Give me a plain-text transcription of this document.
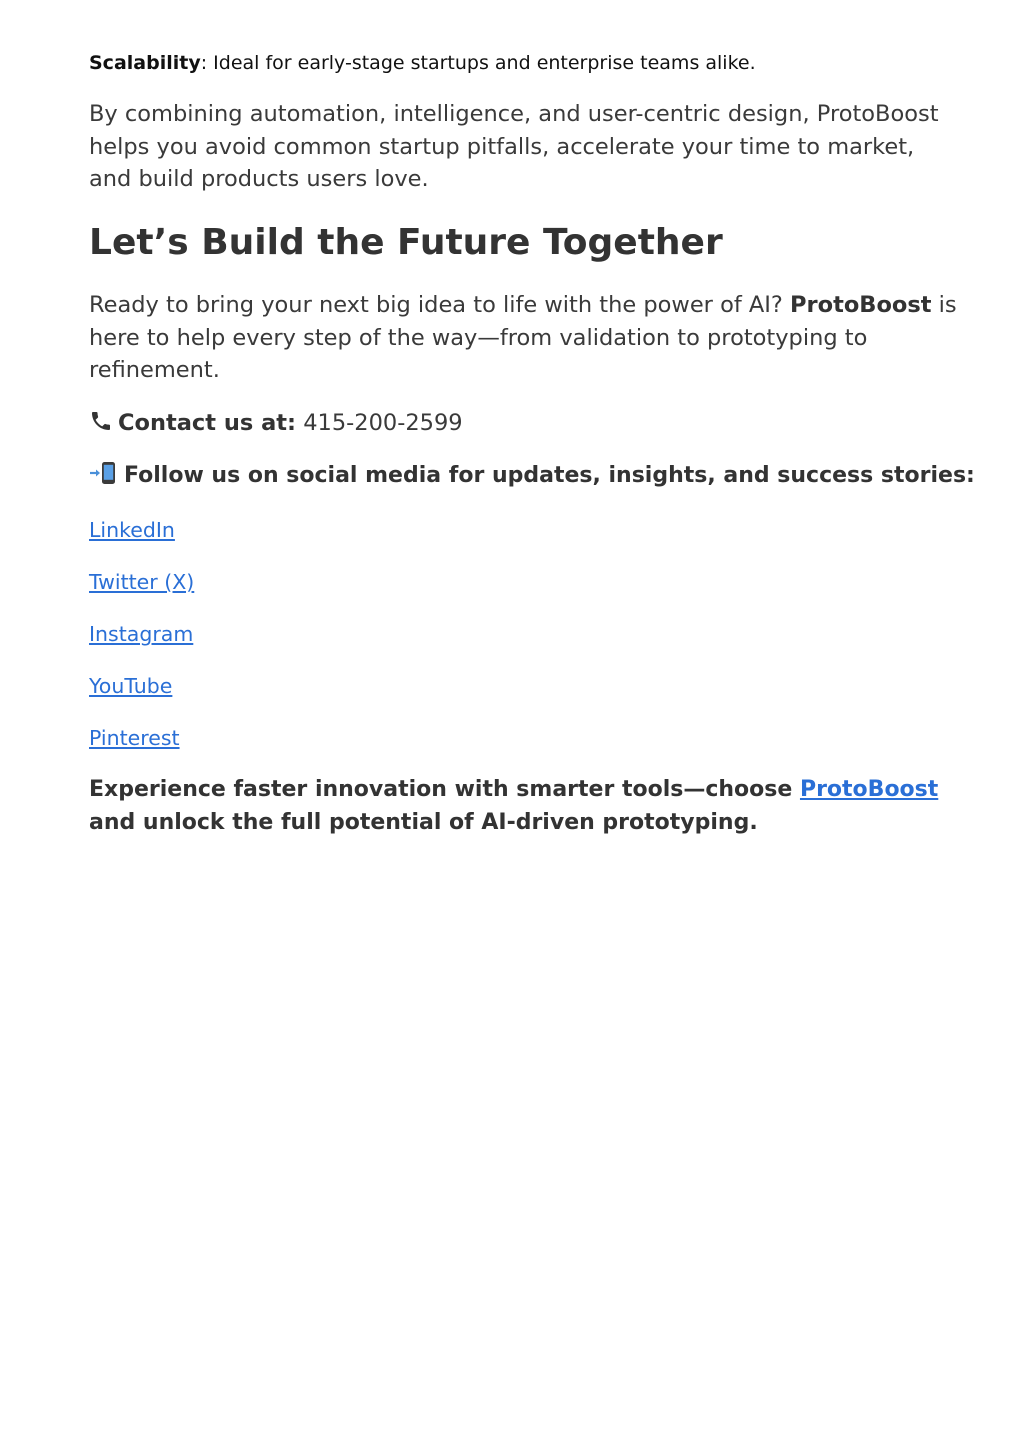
Scalability: Ideal for early-stage startups and enterprise teams alike.

By combining automation, intelligence, and user-centric design, ProtoBoost helps you avoid common startup pitfalls, accelerate your time to market, and build products users love.

Let’s Build the Future Together

Ready to bring your next big idea to life with the power of AI? ProtoBoost is here to help every step of the way—from validation to prototyping to refinement.

Contact us at: 415-200-2599
Follow us on social media for updates, insights, and success stories:
LinkedIn
Twitter (X)
Instagram
YouTube
Pinterest

Experience faster innovation with smarter tools—choose ProtoBoost and unlock the full potential of AI-driven prototyping.
